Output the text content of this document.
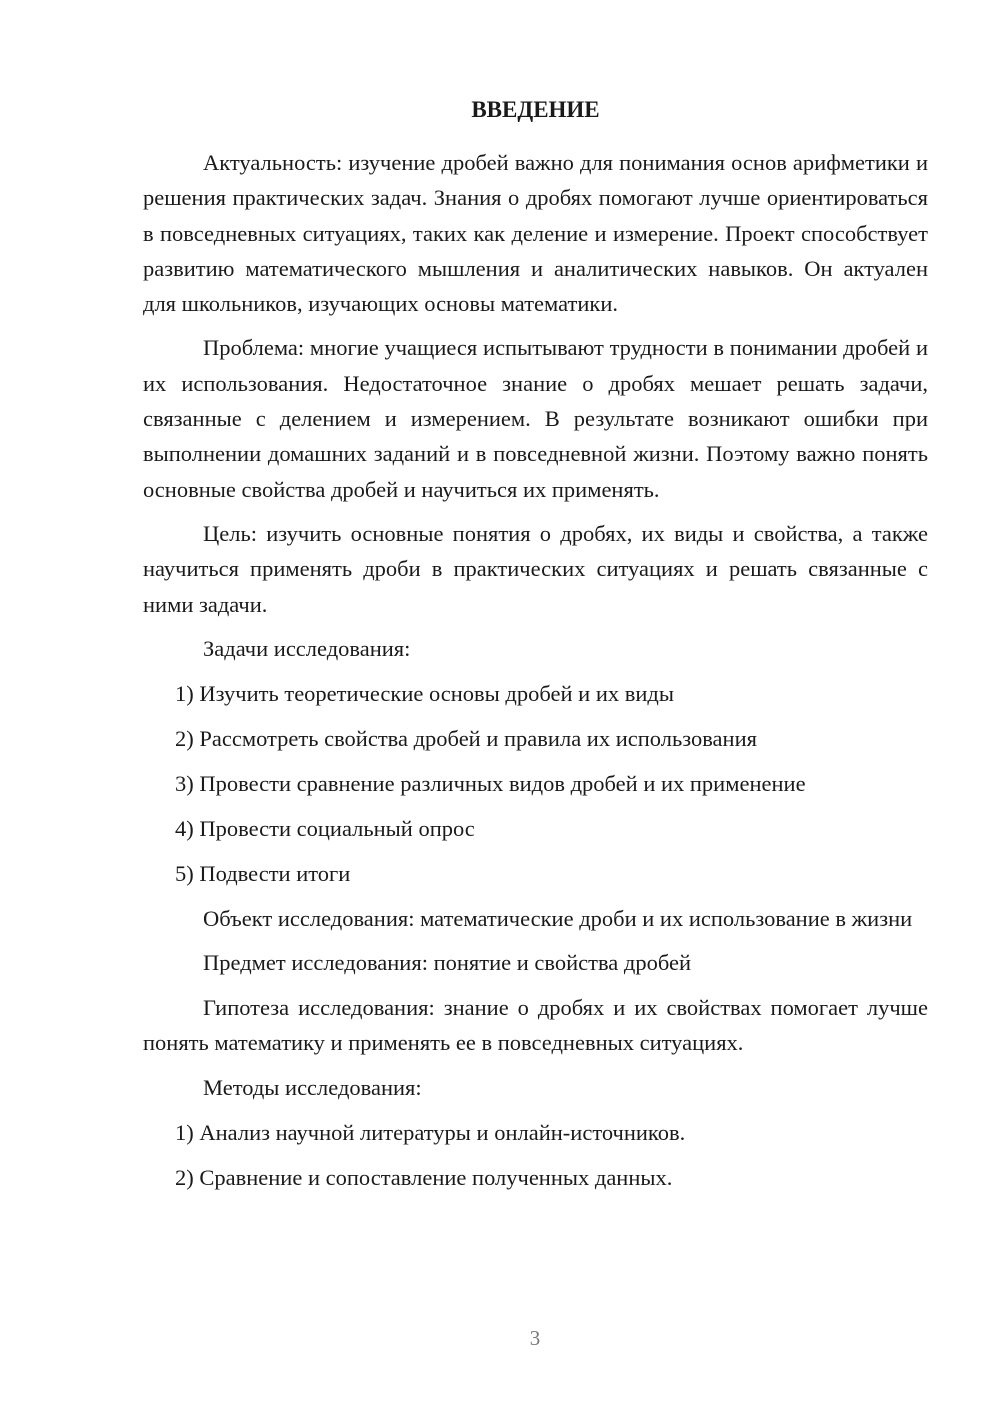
ВВЕДЕНИЕ

Актуальность: изучение дробей важно для понимания основ арифметики и решения практических задач. Знания о дробях помогают лучше ориентироваться в повседневных ситуациях, таких как деление и измерение. Проект способствует развитию математического мышления и аналитических навыков. Он актуален для школьников, изучающих основы математики.

Проблема: многие учащиеся испытывают трудности в понимании дробей и их использования. Недостаточное знание о дробях мешает решать задачи, связанные с делением и измерением. В результате возникают ошибки при выполнении домашних заданий и в повседневной жизни. Поэтому важно понять основные свойства дробей и научиться их применять.

Цель: изучить основные понятия о дробях, их виды и свойства, а также научиться применять дроби в практических ситуациях и решать связанные с ними задачи.

Задачи исследования:

1) Изучить теоретические основы дробей и их виды

2) Рассмотреть свойства дробей и правила их использования

3) Провести сравнение различных видов дробей и их применение

4) Провести социальный опрос

5) Подвести итоги

Объект исследования: математические дроби и их использование в жизни

Предмет исследования: понятие и свойства дробей

Гипотеза исследования: знание о дробях и их свойствах помогает лучше понять математику и применять ее в повседневных ситуациях.

Методы исследования:

1) Анализ научной литературы и онлайн-источников.

2) Сравнение и сопоставление полученных данных.

3
